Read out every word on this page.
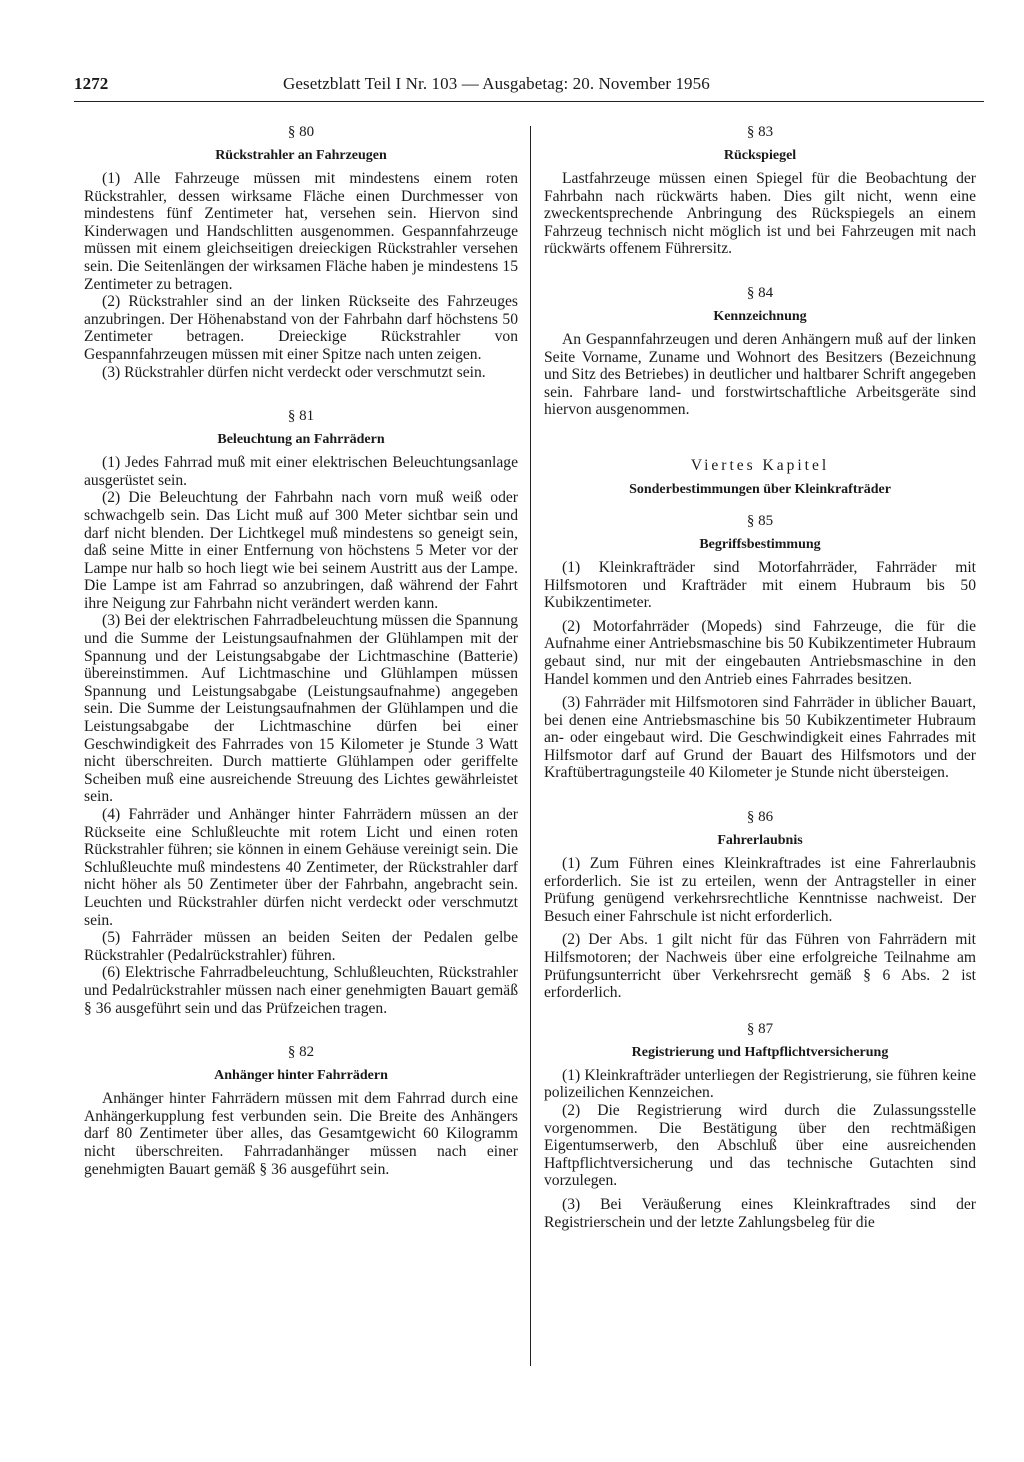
1272	Gesetzblatt Teil I Nr. 103 — Ausgabetag: 20. November 1956

§ 80

Rückstrahler an Fahrzeugen

(1) Alle Fahrzeuge müssen mit mindestens einem roten Rückstrahler, dessen wirksame Fläche einen Durchmesser von mindestens fünf Zentimeter hat, versehen sein. Hiervon sind Kinderwagen und Handschlitten ausgenommen. Gespannfahrzeuge müssen mit einem gleichseitigen dreieckigen Rückstrahler versehen sein. Die Seitenlängen der wirksamen Fläche haben je mindestens 15 Zentimeter zu betragen.

(2) Rückstrahler sind an der linken Rückseite des Fahrzeuges anzubringen. Der Höhenabstand von der Fahrbahn darf höchstens 50 Zentimeter betragen. Dreieckige Rückstrahler von Gespannfahrzeugen müssen mit einer Spitze nach unten zeigen.

(3) Rückstrahler dürfen nicht verdeckt oder verschmutzt sein.

§ 81

Beleuchtung an Fahrrädern

(1) Jedes Fahrrad muß mit einer elektrischen Beleuchtungsanlage ausgerüstet sein.

(2) Die Beleuchtung der Fahrbahn nach vorn muß weiß oder schwachgelb sein. Das Licht muß auf 300 Meter sichtbar sein und darf nicht blenden. Der Lichtkegel muß mindestens so geneigt sein, daß seine Mitte in einer Entfernung von höchstens 5 Meter vor der Lampe nur halb so hoch liegt wie bei seinem Austritt aus der Lampe. Die Lampe ist am Fahrrad so anzubringen, daß während der Fahrt ihre Neigung zur Fahrbahn nicht verändert werden kann.

(3) Bei der elektrischen Fahrradbeleuchtung müssen die Spannung und die Summe der Leistungsaufnahmen der Glühlampen mit der Spannung und der Leistungsabgabe der Lichtmaschine (Batterie) übereinstimmen. Auf Lichtmaschine und Glühlampen müssen Spannung und Leistungsabgabe (Leistungsaufnahme) angegeben sein. Die Summe der Leistungsaufnahmen der Glühlampen und die Leistungsabgabe der Lichtmaschine dürfen bei einer Geschwindigkeit des Fahrrades von 15 Kilometer je Stunde 3 Watt nicht überschreiten. Durch mattierte Glühlampen oder geriffelte Scheiben muß eine ausreichende Streuung des Lichtes gewährleistet sein.

(4) Fahrräder und Anhänger hinter Fahrrädern müssen an der Rückseite eine Schlußleuchte mit rotem Licht und einen roten Rückstrahler führen; sie können in einem Gehäuse vereinigt sein. Die Schlußleuchte muß mindestens 40 Zentimeter, der Rückstrahler darf nicht höher als 50 Zentimeter über der Fahrbahn, angebracht sein. Leuchten und Rückstrahler dürfen nicht verdeckt oder verschmutzt sein.

(5) Fahrräder müssen an beiden Seiten der Pedalen gelbe Rückstrahler (Pedalrückstrahler) führen.

(6) Elektrische Fahrradbeleuchtung, Schlußleuchten, Rückstrahler und Pedalrückstrahler müssen nach einer genehmigten Bauart gemäß § 36 ausgeführt sein und das Prüfzeichen tragen.

§ 82

Anhänger hinter Fahrrädern

Anhänger hinter Fahrrädern müssen mit dem Fahrrad durch eine Anhängerkupplung fest verbunden sein. Die Breite des Anhängers darf 80 Zentimeter über alles, das Gesamtgewicht 60 Kilogramm nicht überschreiten. Fahrradanhänger müssen nach einer genehmigten Bauart gemäß § 36 ausgeführt sein.

§ 83

Rückspiegel

Lastfahrzeuge müssen einen Spiegel für die Beobachtung der Fahrbahn nach rückwärts haben. Dies gilt nicht, wenn eine zweckentsprechende Anbringung des Rückspiegels an einem Fahrzeug technisch nicht möglich ist und bei Fahrzeugen mit nach rückwärts offenem Führersitz.

§ 84

Kennzeichnung

An Gespannfahrzeugen und deren Anhängern muß auf der linken Seite Vorname, Zuname und Wohnort des Besitzers (Bezeichnung und Sitz des Betriebes) in deutlicher und haltbarer Schrift angegeben sein. Fahrbare land- und forstwirtschaftliche Arbeitsgeräte sind hiervon ausgenommen.

Viertes Kapitel

Sonderbestimmungen über Kleinkrafträder

§ 85

Begriffsbestimmung

(1) Kleinkrafträder sind Motorfahrräder, Fahrräder mit Hilfsmotoren und Krafträder mit einem Hubraum bis 50 Kubikzentimeter.

(2) Motorfahrräder (Mopeds) sind Fahrzeuge, die für die Aufnahme einer Antriebsmaschine bis 50 Kubikzentimeter Hubraum gebaut sind, nur mit der eingebauten Antriebsmaschine in den Handel kommen und den Antrieb eines Fahrrades besitzen.

(3) Fahrräder mit Hilfsmotoren sind Fahrräder in üblicher Bauart, bei denen eine Antriebsmaschine bis 50 Kubikzentimeter Hubraum an- oder eingebaut wird. Die Geschwindigkeit eines Fahrrades mit Hilfsmotor darf auf Grund der Bauart des Hilfsmotors und der Kraftübertragungsteile 40 Kilometer je Stunde nicht übersteigen.

§ 86

Fahrerlaubnis

(1) Zum Führen eines Kleinkraftrades ist eine Fahrerlaubnis erforderlich. Sie ist zu erteilen, wenn der Antragsteller in einer Prüfung genügend verkehrsrechtliche Kenntnisse nachweist. Der Besuch einer Fahrschule ist nicht erforderlich.

(2) Der Abs. 1 gilt nicht für das Führen von Fahrrädern mit Hilfsmotoren; der Nachweis über eine erfolgreiche Teilnahme am Prüfungsunterricht über Verkehrsrecht gemäß § 6 Abs. 2 ist erforderlich.

§ 87

Registrierung und Haftpflichtversicherung

(1) Kleinkrafträder unterliegen der Registrierung, sie führen keine polizeilichen Kennzeichen.

(2) Die Registrierung wird durch die Zulassungsstelle vorgenommen. Die Bestätigung über den rechtmäßigen Eigentumserwerb, den Abschluß über eine ausreichenden Haftpflichtversicherung und das technische Gutachten sind vorzulegen.

(3) Bei Veräußerung eines Kleinkraftrades sind der Registrierschein und der letzte Zahlungsbeleg für die
